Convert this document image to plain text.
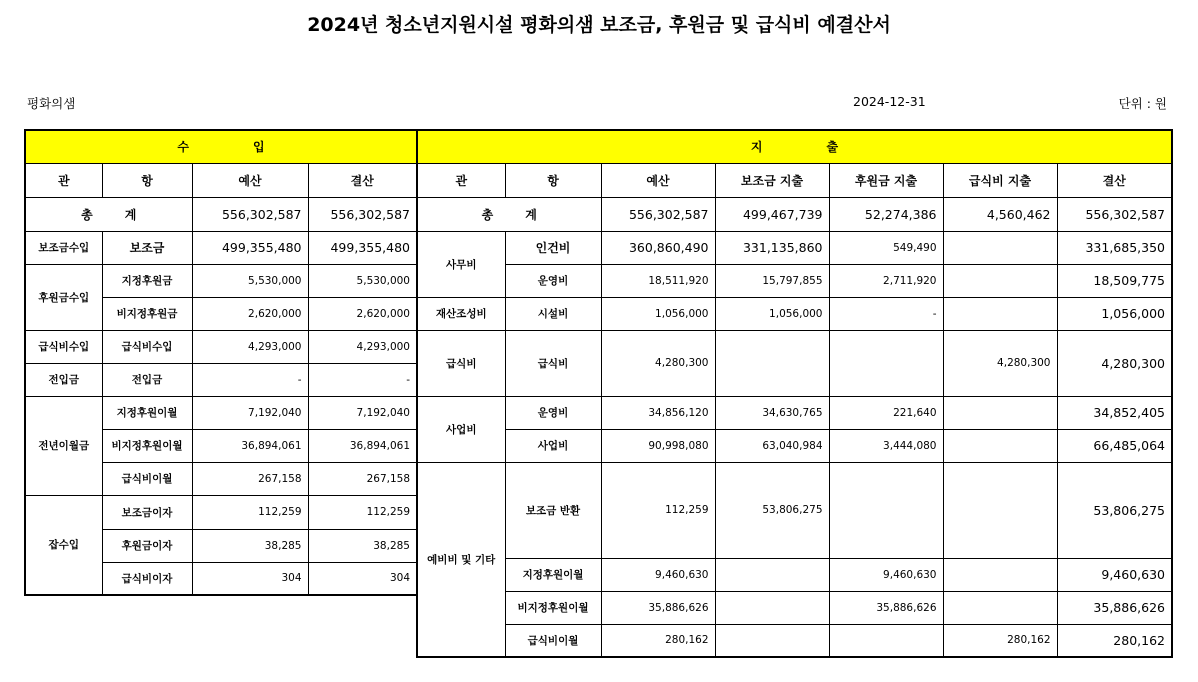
2024년 청소년지원시설 평화의샘 보조금, 후원금 및 급식비 예결산서
평화의샘	2024-12-31	단위 : 원
수 입			
관	항	예산	결산
총 계		556,302,587	556,302,587
보조금수입	보조금	499,355,480	499,355,480
후원금수입	지정후원금	5,530,000	5,530,000
	비지정후원금	2,620,000	2,620,000
급식비수입	급식비수입	4,293,000	4,293,000
전입금	전입금	-	-
전년이월금	지정후원이월	7,192,040	7,192,040
	비지정후원이월	36,894,061	36,894,061
	급식비이월	267,158	267,158
잡수입	보조금이자	112,259	112,259
	후원금이자	38,285	38,285
	급식비이자	304	304
지 출						
관	항	예산	보조금 지출	후원금 지출	급식비 지출	결산
총 계		556,302,587	499,467,739	52,274,386	4,560,462	556,302,587
사무비	인건비	360,860,490	331,135,860	549,490		331,685,350
	운영비	18,511,920	15,797,855	2,711,920		18,509,775
재산조성비	시설비	1,056,000	1,056,000	-		1,056,000
급식비	급식비	4,280,300			4,280,300	4,280,300
사업비	운영비	34,856,120	34,630,765	221,640		34,852,405
	사업비	90,998,080	63,040,984	3,444,080		66,485,064
예비비 및 기타	보조금 반환	112,259	53,806,275			53,806,275
	지정후원이월	9,460,630		9,460,630		9,460,630
	비지정후원이월	35,886,626		35,886,626		35,886,626
	급식비이월	280,162			280,162	280,162
